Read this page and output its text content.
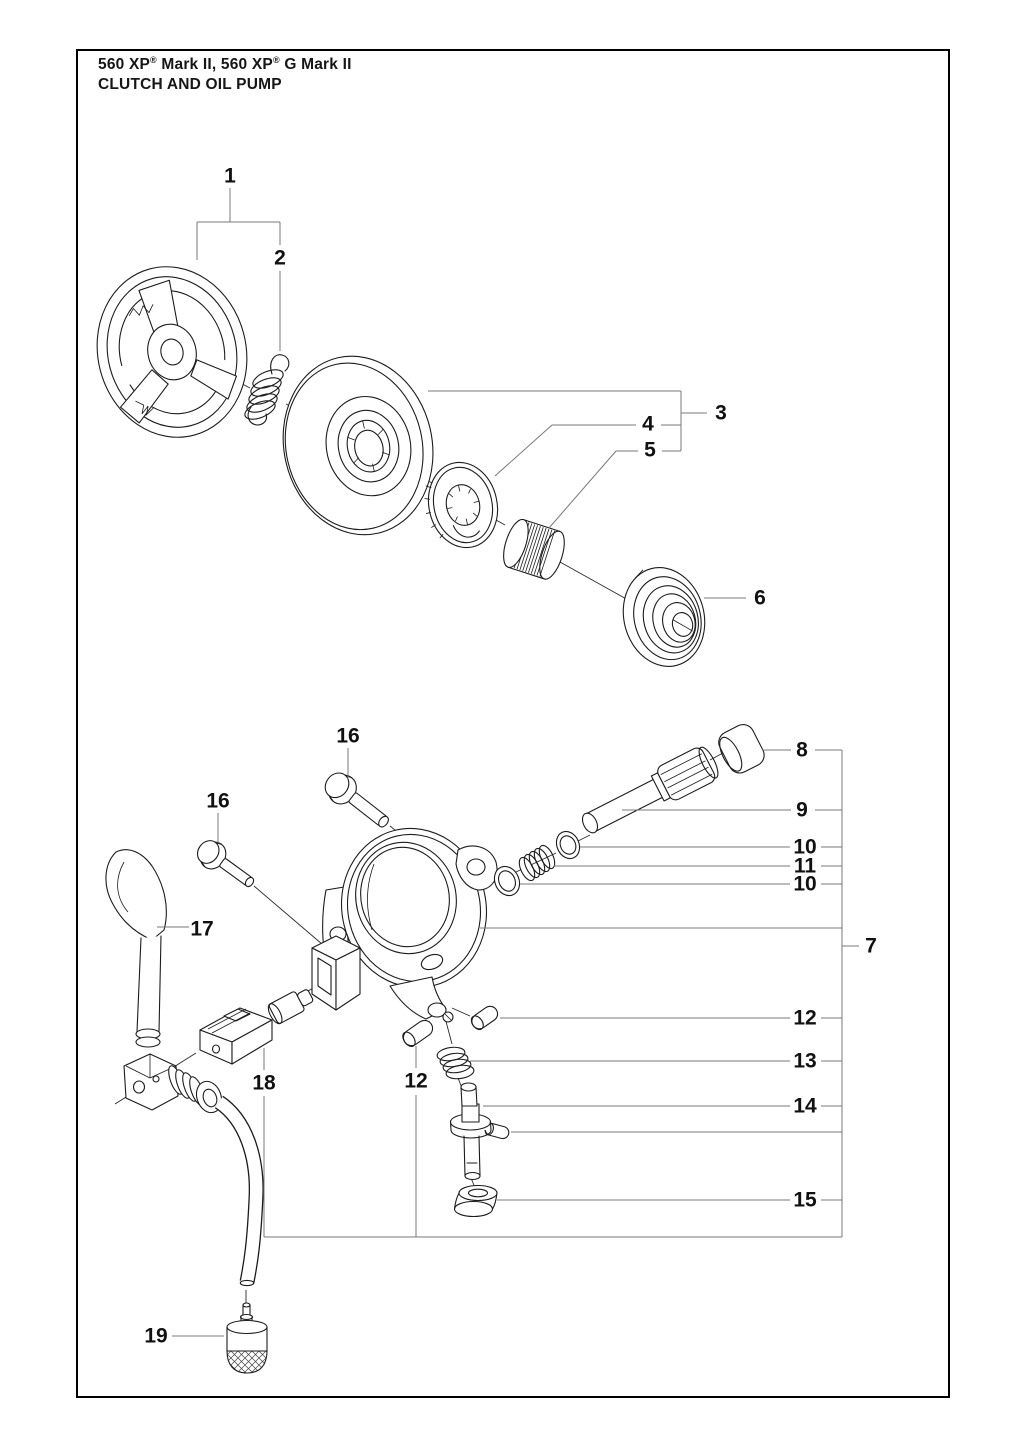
560 XP® Mark II, 560 XP® G Mark II
CLUTCH AND OIL PUMP
1
2
3
4
5
6
7
8
9
10
11
10
12
13
14
15
16
16
17
18	12
19
